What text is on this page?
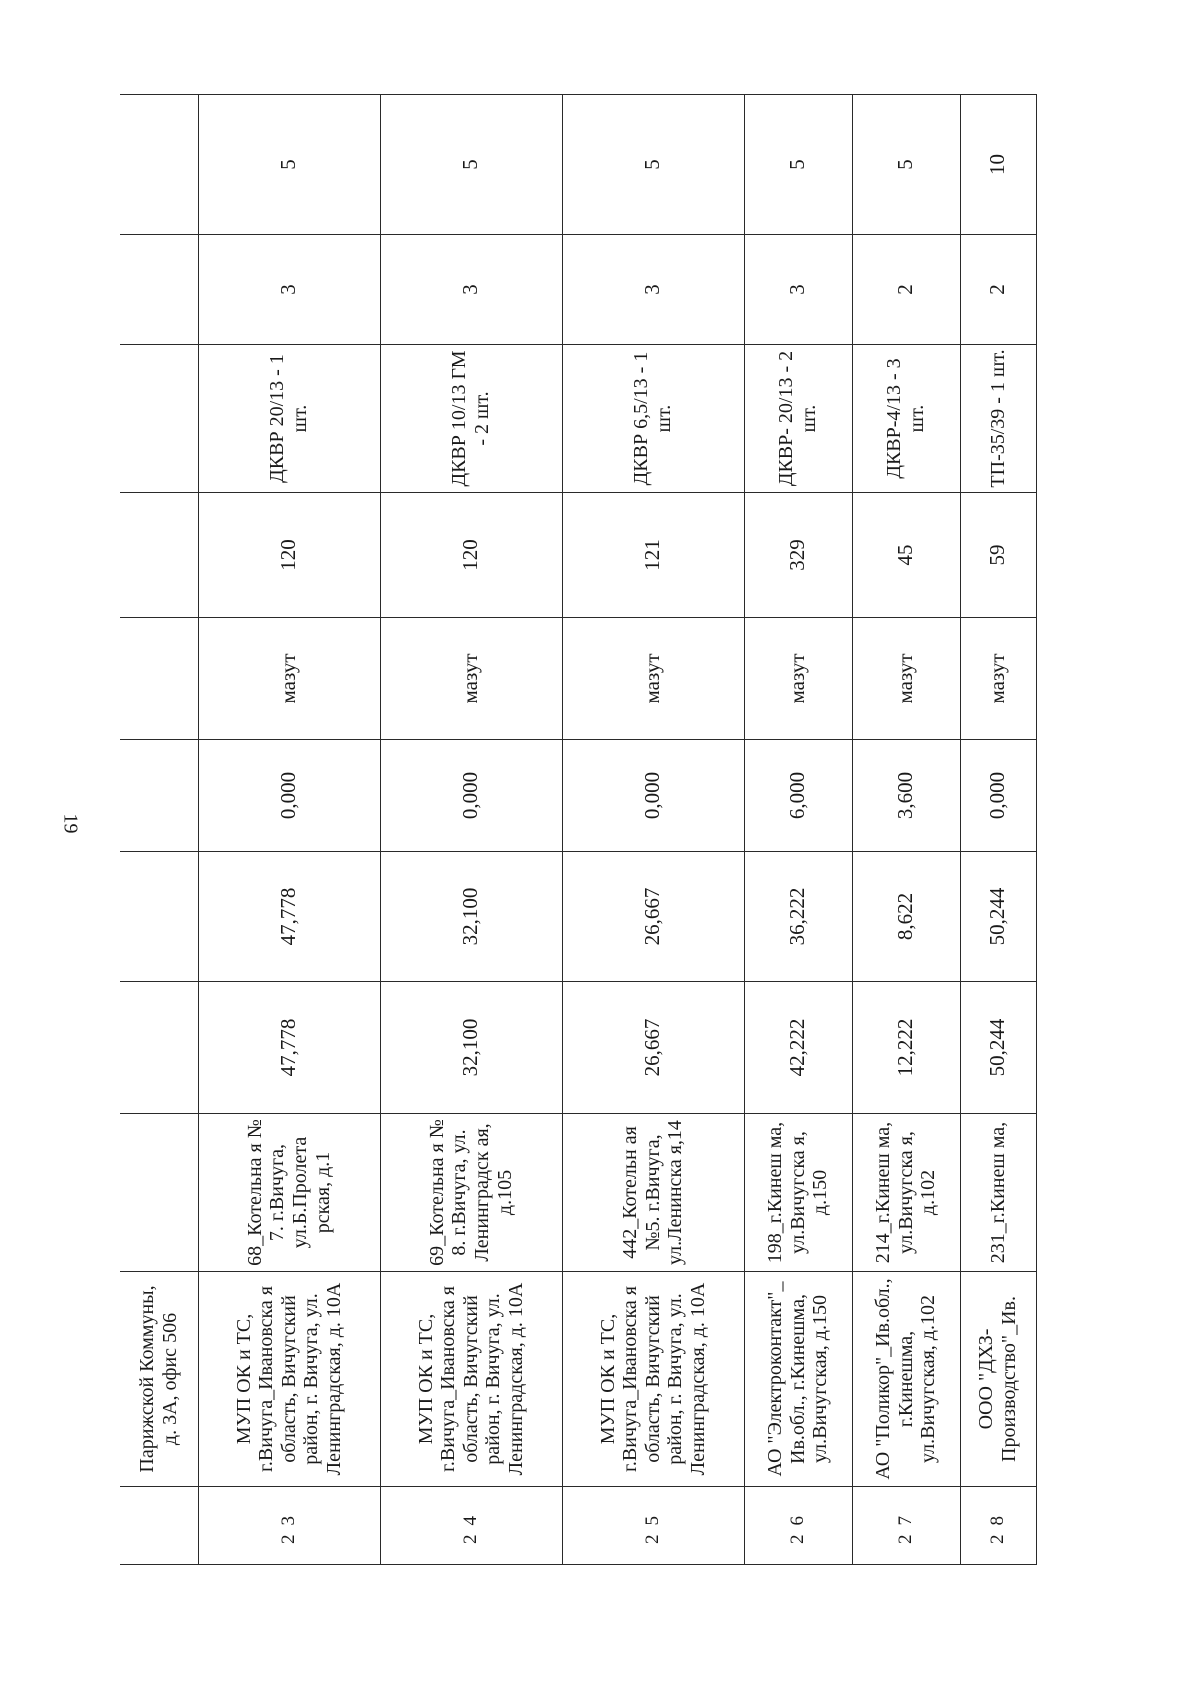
19
	Парижской Коммуны, д. 3А, офис 506									
23	МУП ОК и ТС, г.Вичуга_Ивановска я область, Вичугский район, г. Вичуга, ул. Ленинградская, д. 10А	68_Котельна я № 7. г.Вичуга, ул.Б.Пролета рская, д.1	47,778	47,778	0,000	мазут	120	ДКВР 20/13 - 1 шт.	3	5
24	МУП ОК и ТС, г.Вичуга_Ивановска я область, Вичугский район, г. Вичуга, ул. Ленинградская, д. 10А	69_Котельна я № 8. г.Вичуга, ул. Ленинградск ая, д.105	32,100	32,100	0,000	мазут	120	ДКВР 10/13 ГМ - 2 шт.	3	5
25	МУП ОК и ТС, г.Вичуга_Ивановска я область, Вичугский район, г. Вичуга, ул. Ленинградская, д. 10А	442_Котельн ая №5. г.Вичуга, ул.Ленинска я,14	26,667	26,667	0,000	мазут	121	ДКВР 6,5/13 - 1 шт.	3	5
26	АО "Электроконтакт"_ Ив.обл., г.Кинешма, ул.Вичугская, д.150	198_г.Кинеш ма, ул.Вичугска я, д.150	42,222	36,222	6,000	мазут	329	ДКВР- 20/13 - 2 шт.	3	5
27	АО "Поликор"_Ив.обл., г.Кинешма, ул.Вичугская, д.102	214_г.Кинеш ма, ул.Вичугска я, д.102	12,222	8,622	3,600	мазут	45	ДКВР-4/13 - 3 шт.	2	5
28	ООО "ДХЗ- Производство"_Ив.	231_г.Кинеш ма,	50,244	50,244	0,000	мазут	59	ТП-35/39 - 1 шт.	2	10
